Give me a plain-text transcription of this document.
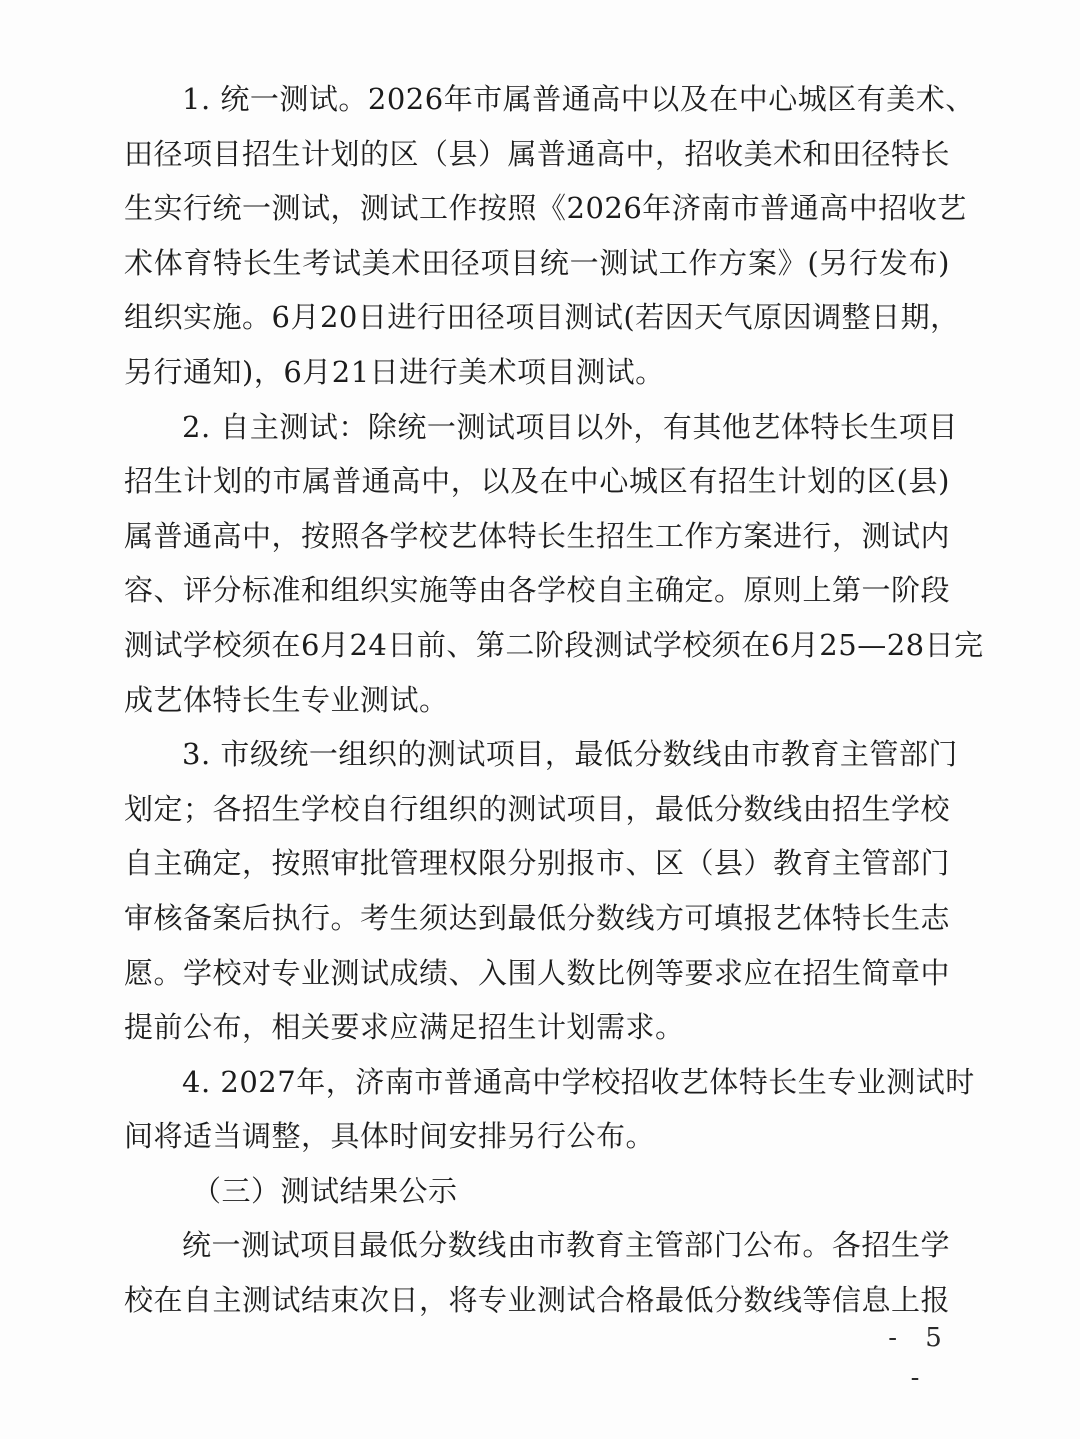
1. 统一测试。2026年市属普通高中以及在中心城区有美术、
田径项目招生计划的区（县）属普通高中，招收美术和田径特长
生实行统一测试，测试工作按照《2026年济南市普通高中招收艺
术体育特长生考试美术田径项目统一测试工作方案》(另行发布)
组织实施。6月20日进行田径项目测试(若因天气原因调整日期，
另行通知)，6月21日进行美术项目测试。
2. 自主测试：除统一测试项目以外，有其他艺体特长生项目
招生计划的市属普通高中，以及在中心城区有招生计划的区(县)
属普通高中，按照各学校艺体特长生招生工作方案进行，测试内
容、评分标准和组织实施等由各学校自主确定。原则上第一阶段
测试学校须在6月24日前、第二阶段测试学校须在6月25—28日完
成艺体特长生专业测试。
3. 市级统一组织的测试项目，最低分数线由市教育主管部门
划定；各招生学校自行组织的测试项目，最低分数线由招生学校
自主确定，按照审批管理权限分别报市、区（县）教育主管部门
审核备案后执行。考生须达到最低分数线方可填报艺体特长生志
愿。学校对专业测试成绩、入围人数比例等要求应在招生简章中
提前公布，相关要求应满足招生计划需求。
4. 2027年，济南市普通高中学校招收艺体特长生专业测试时
间将适当调整，具体时间安排另行公布。
（三）测试结果公示
统一测试项目最低分数线由市教育主管部门公布。各招生学
校在自主测试结束次日，将专业测试合格最低分数线等信息上报
- 5 -
